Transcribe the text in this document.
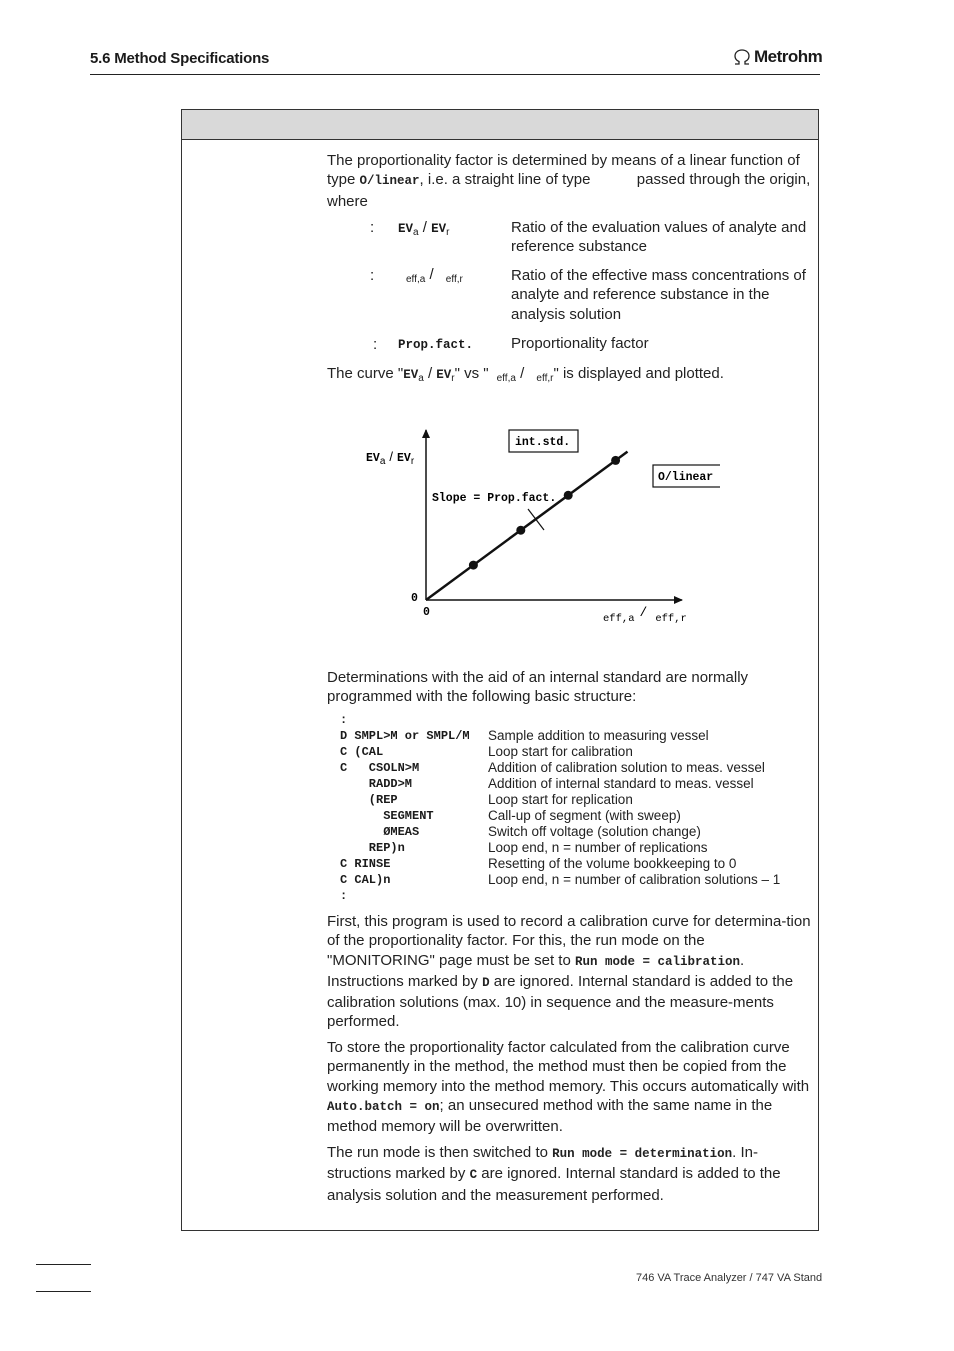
5.6 Method Specifications	Metrohm
The proportionality factor is determined by means of a linear function of type O/linear, i.e. a straight line of type	passed through the origin, where
: $EV_a / EV_r$	Ratio of the evaluation values of analyte and reference substance
:	$_{eff,a}$ / $_{eff,r}$	Ratio of the effective mass concentrations of analyte and reference substance in the analysis solution
: Prop.fact.	Proportionality factor
The curve "$EV_a / EV_r$" vs " $_{eff,a}$ / $_{eff,r}$" is displayed and plotted.
Slope = Prop.fact.
EVa / EVr
0
0	eff,a / eff,r
int.std.
O/linear
Determinations with the aid of an internal standard are normally programmed with the following basic structure:
:
D SMPL>M or SMPL/M	Sample addition to measuring vessel
C (CAL	Loop start for calibration
C   CSOLN>M	Addition of calibration solution to meas. vessel
RADD>M	Addition of internal standard to meas. vessel
(REP	Loop start for replication
SEGMENT	Call-up of segment (with sweep)
ØMEAS	Switch off voltage (solution change)
REP)n	Loop end, n = number of replications
C RINSE	Resetting of the volume bookkeeping to 0
C CAL)n	Loop end, n = number of calibration solutions – 1
:
First, this program is used to record a calibration curve for determina-tion of the proportionality factor. For this, the run mode on the "MONITORING" page must be set to Run mode = calibration. Instructions marked by D are ignored. Internal standard is added to the calibration solutions (max. 10) in sequence and the measure-ments performed.
To store the proportionality factor calculated from the calibration curve permanently in the method, the method must then be copied from the working memory into the method memory. This occurs automatically with Auto.batch = on; an unsecured method with the same name in the method memory will be overwritten.
The run mode is then switched to Run mode = determination. In-structions marked by C are ignored. Internal standard is added to the analysis solution and the measurement performed.
746 VA Trace Analyzer / 747 VA Stand
